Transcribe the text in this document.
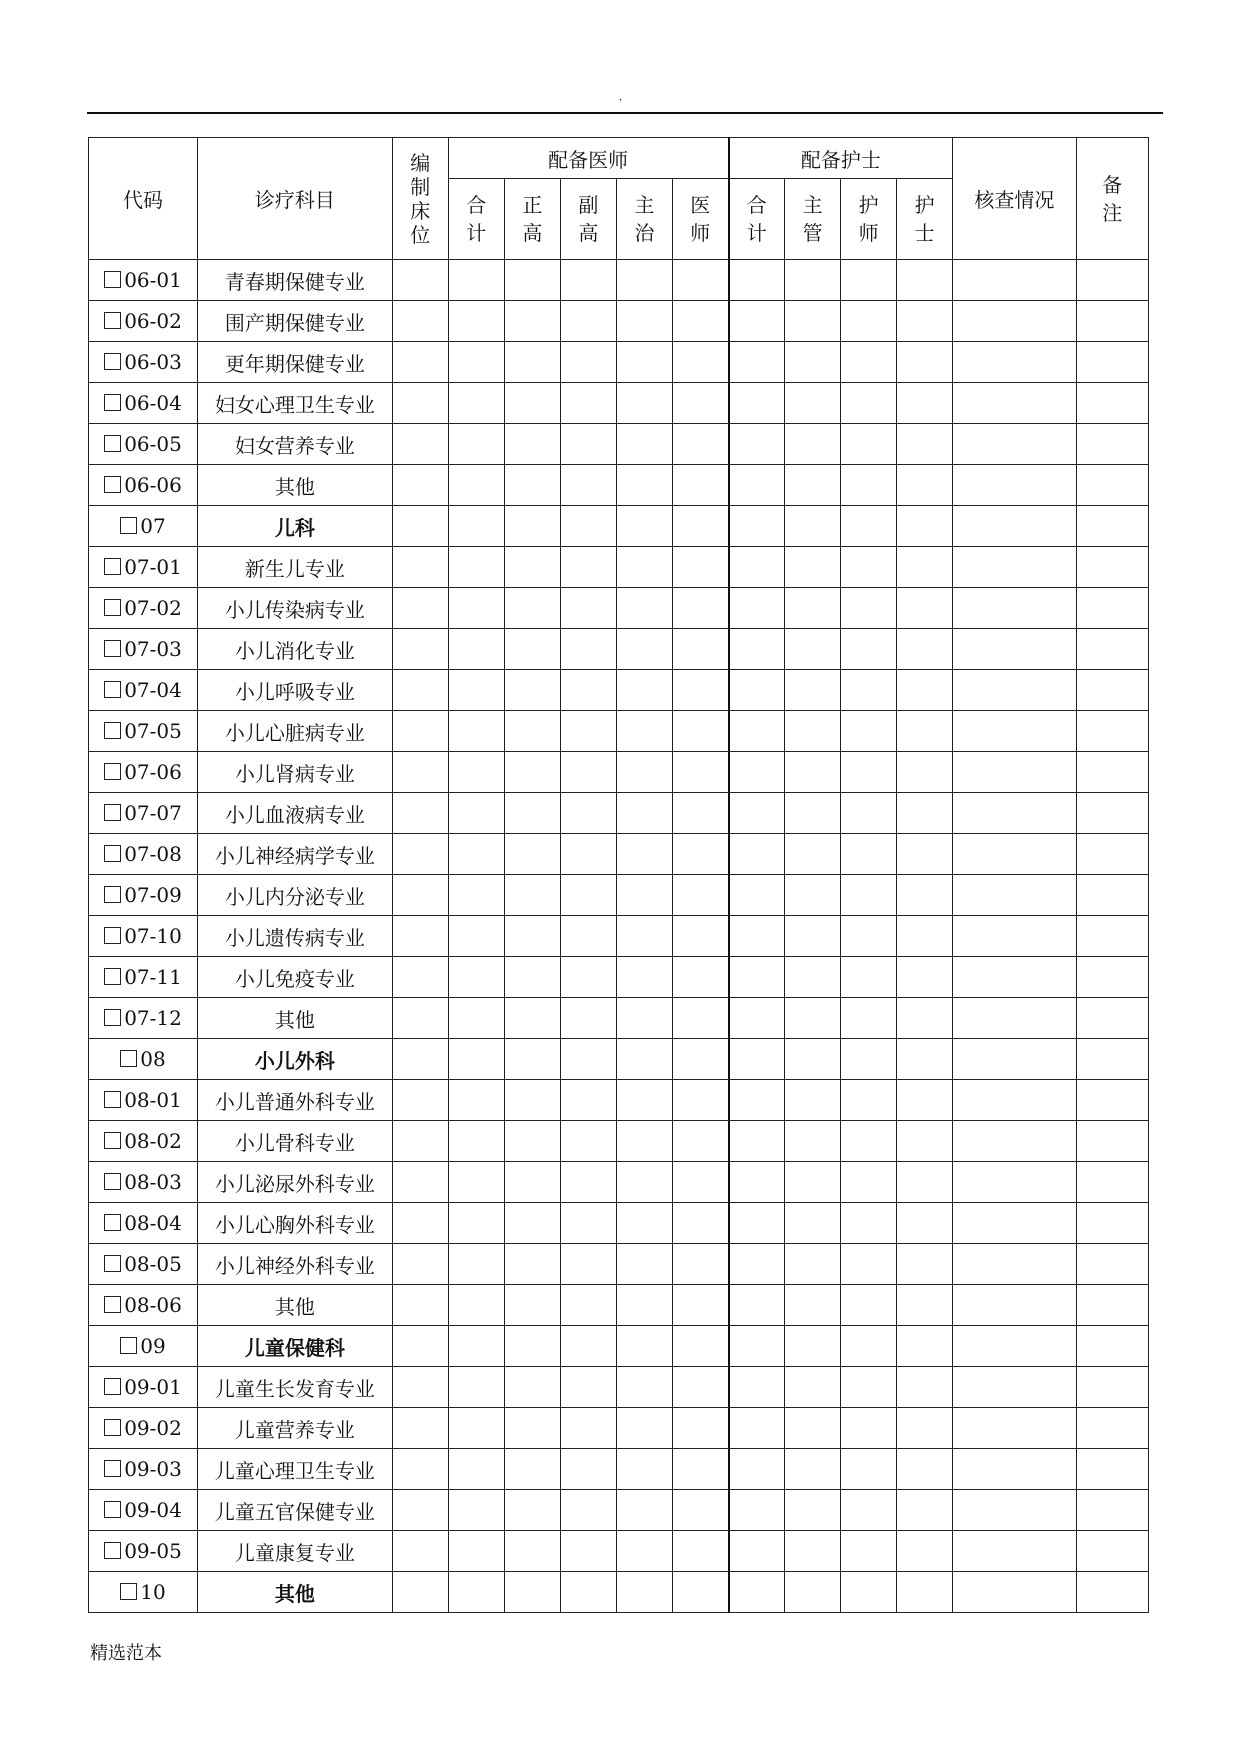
·
代码	诊疗科目	编制床位	配备医师					配备护士				核查情况	备注
			合计	正高	副高	主治	医师	合计	主管	护师	护士		
06-01	青春期保健专业												
06-02	围产期保健专业												
06-03	更年期保健专业												
06-04	妇女心理卫生专业												
06-05	妇女营养专业												
06-06	其他												
07	儿科												
07-01	新生儿专业												
07-02	小儿传染病专业												
07-03	小儿消化专业												
07-04	小儿呼吸专业												
07-05	小儿心脏病专业												
07-06	小儿肾病专业												
07-07	小儿血液病专业												
07-08	小儿神经病学专业												
07-09	小儿内分泌专业												
07-10	小儿遗传病专业												
07-11	小儿免疫专业												
07-12	其他												
08	小儿外科												
08-01	小儿普通外科专业												
08-02	小儿骨科专业												
08-03	小儿泌尿外科专业												
08-04	小儿心胸外科专业												
08-05	小儿神经外科专业												
08-06	其他												
09	儿童保健科												
09-01	儿童生长发育专业												
09-02	儿童营养专业												
09-03	儿童心理卫生专业												
09-04	儿童五官保健专业												
09-05	儿童康复专业												
10	其他												
精选范本
